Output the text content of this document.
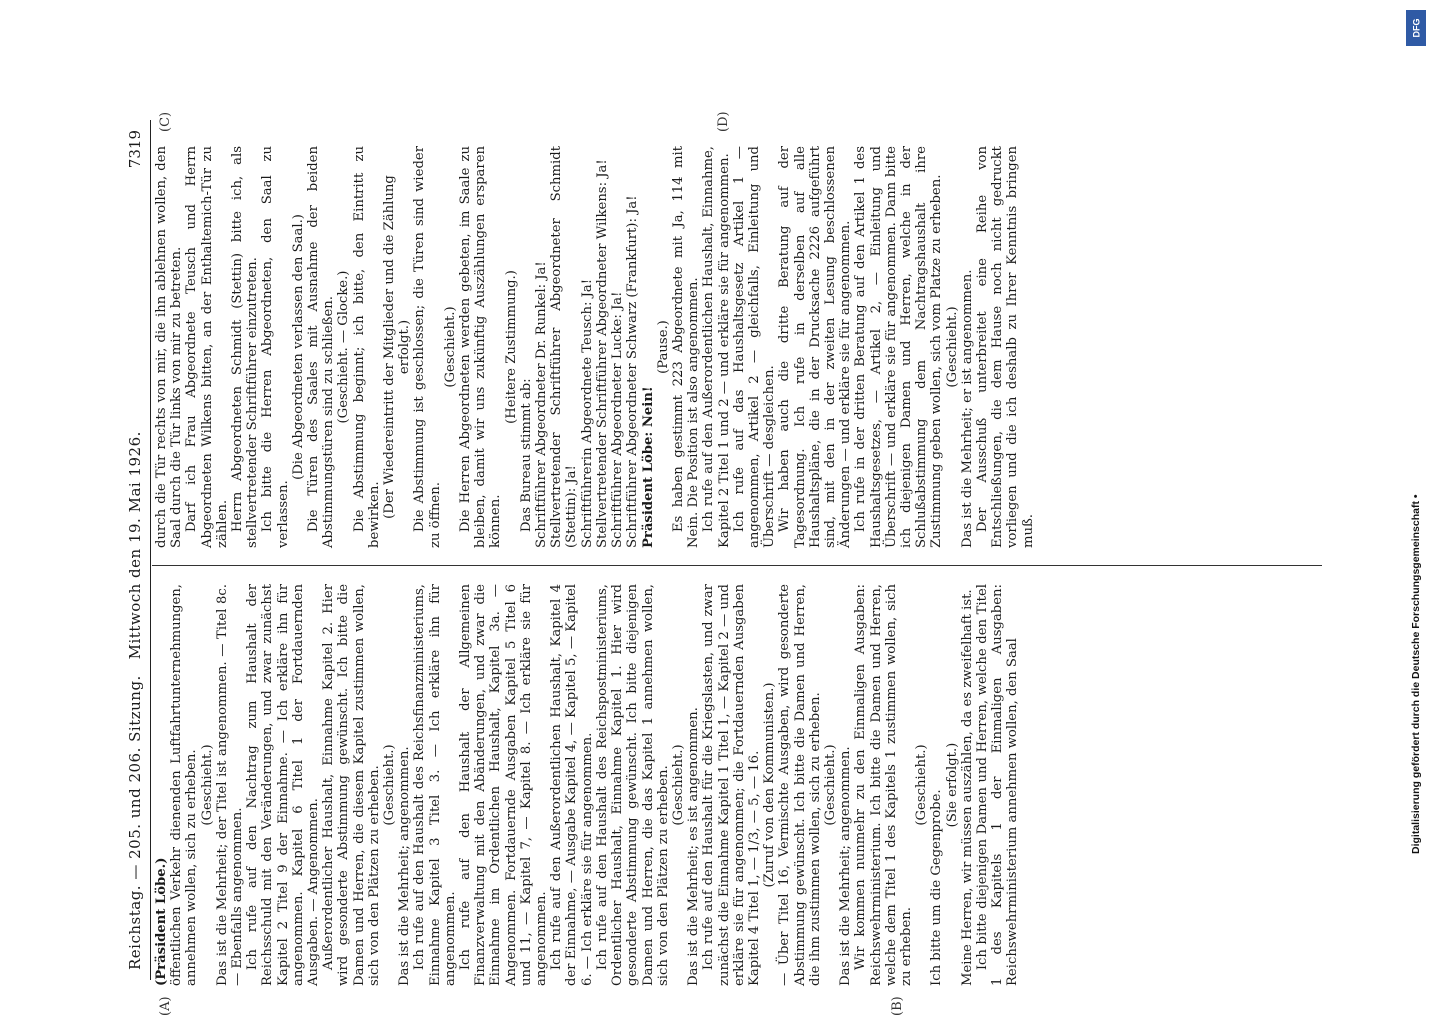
Reichstag. — 205. und 206. Sitzung.   Mittwoch den 19. Mai 1926.
7319
(A)	(B)
(C)	(D)

(Präsident Löbe.) öffentlichen Verkehr dienenden Luftfahrtunternehmungen, annehmen wollen, sich zu erheben. (Geschieht.) Das ist die Mehrheit; der Titel ist angenommen. — Titel 8c. — Ebenfalls angenommen. Ich rufe auf den Nachtrag zum Haushalt der Reichsschuld mit den Veränderungen, und zwar zunächst Kapitel 2 Titel 9 der Einnahme. — Ich erkläre ihn für angenommen. Kapitel 6 Titel 1 der Fortdauernden Ausgaben. — Angenommen. Außerordentlicher Haushalt, Einnahme Kapitel 2. Hier wird gesonderte Abstimmung gewünscht. Ich bitte die Damen und Herren, die diesem Kapitel zustimmen wollen, sich von den Plätzen zu erheben. (Geschieht.) Das ist die Mehrheit; angenommen. Ich rufe auf den Haushalt des Reichsfinanzministeriums, Einnahme Kapitel 3 Titel 3. — Ich erkläre ihn für angenommen. Ich rufe auf den Haushalt der Allgemeinen Finanzverwaltung mit den Abänderungen, und zwar die Einnahme im Ordentlichen Haushalt, Kapitel 3a. — Angenommen. Fortdauernde Ausgaben Kapitel 5 Titel 6 und 11, — Kapitel 7, — Kapitel 8. — Ich erkläre sie für angenommen. Ich rufe auf den Außerordentlichen Haushalt, Kapitel 4 der Einnahme, — Ausgabe Kapitel 4, — Kapitel 5, — Kapitel 6. — Ich erkläre sie für angenommen. Ich rufe auf den Haushalt des Reichspostministeriums, Ordentlicher Haushalt, Einnahme Kapitel 1. Hier wird gesonderte Abstimmung gewünscht. Ich bitte diejenigen Damen und Herren, die das Kapitel 1 annehmen wollen, sich von den Plätzen zu erheben. (Geschieht.) Das ist die Mehrheit; es ist angenommen. Ich rufe auf den Haushalt für die Kriegslasten, und zwar zunächst die Einnahme Kapitel 1 Titel 1, — Kapitel 2 — und erkläre sie für angenommen; die Fortdauernden Ausgaben Kapitel 4 Titel 1, — 1/3, — 5, — 16. (Zuruf von den Kommunisten.) — Über Titel 16, Vermischte Ausgaben, wird gesonderte Abstimmung gewünscht. Ich bitte die Damen und Herren, die ihm zustimmen wollen, sich zu erheben. (Geschieht.) Das ist die Mehrheit; angenommen. Wir kommen nunmehr zu den Einmaligen Ausgaben: Reichswehrministerium. Ich bitte die Damen und Herren, welche dem Titel 1 des Kapitels 1 zustimmen wollen, sich zu erheben.

(Geschieht.)

Ich bitte um die Gegenprobe.

(Sie erfolgt.) Meine Herren, wir müssen auszählen, da es zweifelhaft ist. Ich bitte diejenigen Damen und Herren, welche den Titel 1 des Kapitels 1 der Einmaligen Ausgaben: Reichswehrministerium annehmen wollen, den Saal

durch die Tür rechts von mir, die ihn ablehnen wollen, den Saal durch die Tür links von mir zu betreten. Darf ich Frau Abgeordnete Teusch und Herrn Abgeordneten Wilkens bitten, an der Enthaltemich-Tür zu zählen. Herrn Abgeordneten Schmidt (Stettin) bitte ich, als stellvertretender Schriftführer einzutreten. Ich bitte die Herren Abgeordneten, den Saal zu verlassen.

(Die Abgeordneten verlassen den Saal.) Die Türen des Saales mit Ausnahme der beiden Abstimmungstüren sind zu schließen. (Geschieht. — Glocke.) Die Abstimmung beginnt; ich bitte, den Eintritt zu bewirken. (Der Wiedereintritt der Mitglieder und die Zählung erfolgt.) Die Abstimmung ist geschlossen; die Türen sind wieder zu öffnen.

(Geschieht.) Die Herren Abgeordneten werden gebeten, im Saale zu bleiben, damit wir uns zukünftig Auszählungen ersparen können.

(Heitere Zustimmung.)

Das Bureau stimmt ab: Schriftführer Abgeordneter Dr. Runkel: Ja! Stellvertretender Schriftführer Abgeordneter Schmidt (Stettin): Ja! Schriftführerin Abgeordnete Teusch: Ja! Stellvertretender Schriftführer Abgeordneter Wilkens: Ja! Schriftführer Abgeordneter Lucke: Ja! Schriftführer Abgeordneter Schwarz (Frankfurt): Ja! Präsident Löbe: Nein!

(Pause.) Es haben gestimmt 223 Abgeordnete mit Ja, 114 mit Nein. Die Position ist also angenommen. Ich rufe auf den Außerordentlichen Haushalt, Einnahme, Kapitel 2 Titel 1 und 2 — und erkläre sie für angenommen. Ich rufe auf das Haushaltsgesetz Artikel 1 — angenommen, Artikel 2 — gleichfalls, Einleitung und Überschrift — desgleichen. Wir haben auch die dritte Beratung auf der Tagesordnung. Ich rufe in derselben auf alle Haushaltspläne, die in der Drucksache 2226 aufgeführt sind, mit den in der zweiten Lesung beschlossenen Änderungen — und erkläre sie für angenommen. Ich rufe in der dritten Beratung auf den Artikel 1 des Haushaltsgesetzes, — Artikel 2, — Einleitung und Überschrift — und erkläre sie für angenommen. Dann bitte ich diejenigen Damen und Herren, welche in der Schlußabstimmung dem Nachtragshaushalt ihre Zustimmung geben wollen, sich vom Platze zu erheben. (Geschieht.) Das ist die Mehrheit; er ist angenommen. Der Ausschuß unterbreitet eine Reihe von Entschließungen, die dem Hause noch nicht gedruckt vorliegen und die ich deshalb zu Ihrer Kenntnis bringen muß.

DFG
Digitalisierung gefördert durch die Deutsche Forschungsgemeinschaft •
